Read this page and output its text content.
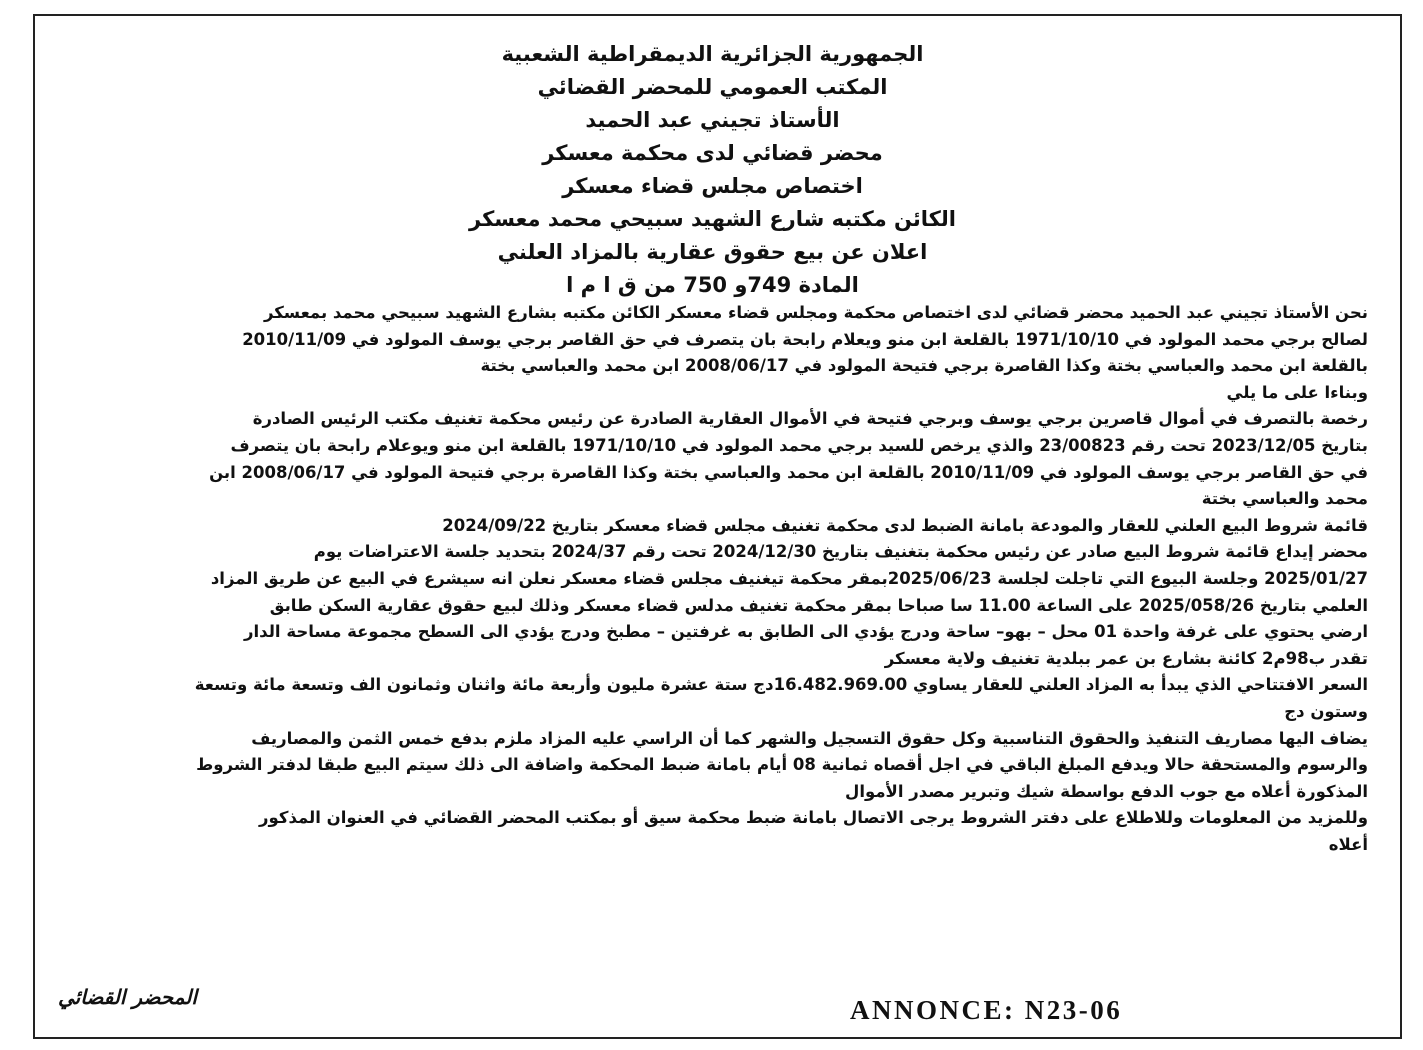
الجمهورية الجزائرية الديمقراطية الشعبية
المكتب العمومي للمحضر القضائي
الأستاذ تجيني عبد الحميد
محضر قضائي لدى محكمة معسكر
اختصاص مجلس قضاء معسكر
الكائن مكتبه شارع الشهيد سبيحي محمد معسكر
اعلان عن بيع حقوق عقارية بالمزاد العلني
المادة 749و 750 من ق ا م ا
نحن الأستاذ تجيني عبد الحميد محضر قضائي لدى اختصاص محكمة ومجلس قضاء معسكر الكائن مكتبه بشارع الشهيد سبيحي محمد بمعسكر
لصالح برجي محمد المولود في 1971/10/10 بالقلعة ابن منو ويعلام رابحة بان يتصرف في حق القاصر برجي يوسف المولود في 2010/11/09
بالقلعة ابن محمد والعباسي بختة وكذا القاصرة برجي فتيحة المولود في 2008/06/17 ابن محمد والعباسي بختة
وبناءا على ما يلي
رخصة بالتصرف في أموال قاصرين برجي يوسف وبرجي فتيحة في الأموال العقارية الصادرة عن رئيس محكمة تغنيف مكتب الرئيس الصادرة
بتاريخ 2023/12/05 تحت رقم 23/00823 والذي يرخص للسيد برجي محمد المولود في 1971/10/10 بالقلعة ابن منو ويوعلام رابحة بان يتصرف
في حق القاصر برجي يوسف المولود في 2010/11/09 بالقلعة ابن محمد والعباسي بختة وكذا القاصرة برجي فتيحة المولود في 2008/06/17 ابن
محمد والعباسي بختة
قائمة شروط البيع العلني للعقار والمودعة بامانة الضبط لدى محكمة تغنيف مجلس قضاء معسكر بتاريخ 2024/09/22
محضر إيداع قائمة شروط البيع صادر عن رئيس محكمة بتغنيف بتاريخ 2024/12/30 تحت رقم 2024/37 بتحديد جلسة الاعتراضات يوم
2025/01/27 وجلسة البيوع التي تاجلت لجلسة 2025/06/23بمقر محكمة تيغنيف مجلس قضاء معسكر نعلن انه سيشرع في البيع عن طريق المزاد
العلمي بتاريخ 2025/058/26 على الساعة 11.00 سا صباحا بمقر محكمة تغنيف مدلس قضاء معسكر وذلك لبيع حقوق عقارية السكن طابق
ارضي يحتوي على غرفة واحدة 01 محل – بهو– ساحة ودرج يؤدي الى الطابق به غرفتين – مطبخ ودرج يؤدي الى السطح مجموعة مساحة الدار
تقدر ب98م2 كائنة بشارع بن عمر ببلدية تغنيف ولاية معسكر
السعر الافتتاحي الذي يبدأ به المزاد العلني للعقار يساوي 16.482.969.00دج ستة عشرة مليون وأربعة مائة واثنان وثمانون الف وتسعة مائة وتسعة
وستون دج
يضاف اليها مصاريف التنفيذ والحقوق التناسبية وكل حقوق التسجيل والشهر كما أن الراسي عليه المزاد ملزم بدفع خمس الثمن والمصاريف
والرسوم والمستحقة حالا ويدفع المبلغ الباقي في اجل أقصاه ثمانية 08 أيام بامانة ضبط المحكمة واضافة الى ذلك سيتم البيع طبقا لدفتر الشروط
المذكورة أعلاه مع جوب الدفع بواسطة شيك وتبرير مصدر الأموال
وللمزيد من المعلومات وللاطلاع على دفتر الشروط يرجى الاتصال بامانة ضبط محكمة سيق أو بمكتب المحضر القضائي في العنوان المذكور
أعلاه
المحضر القضائي	ANNONCE: N23-06
